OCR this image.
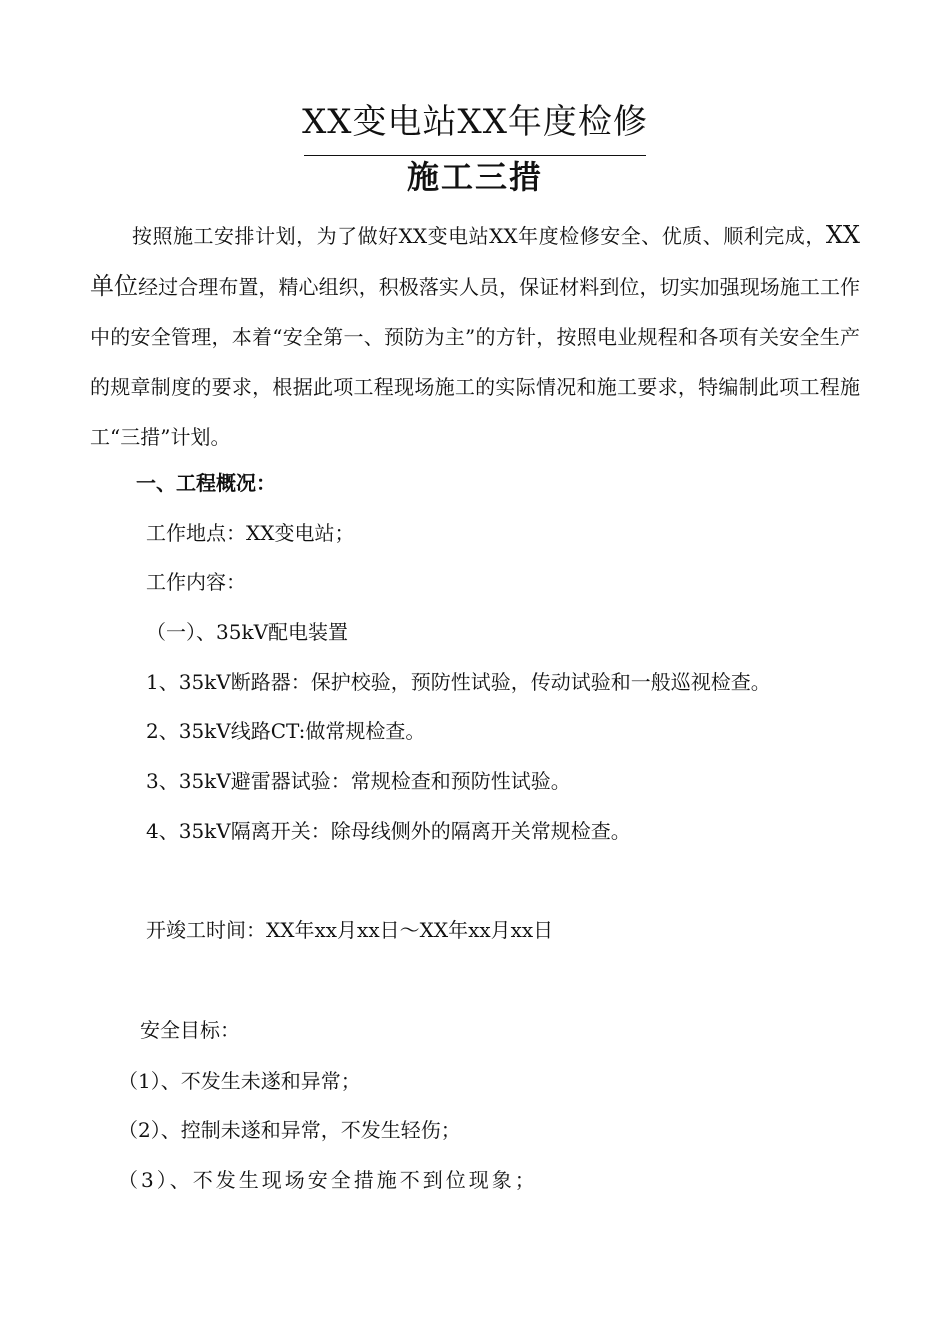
XX变电站XX年度检修
施工三措

按照施工安排计划，为了做好XX变电站XX年度检修安全、优质、顺利完成，XX单位经过合理布置，精心组织，积极落实人员，保证材料到位，切实加强现场施工工作中的安全管理，本着“安全第一、预防为主”的方针，按照电业规程和各项有关安全生产的规章制度的要求，根据此项工程现场施工的实际情况和施工要求，特编制此项工程施工“三措”计划。

一、工程概况：

工作地点：XX变电站；

工作内容：

（一）、35kV配电装置

1、35kV断路器：保护校验，预防性试验，传动试验和一般巡视检查。

2、35kV线路CT:做常规检查。

3、35kV避雷器试验：常规检查和预防性试验。

4、35kV隔离开关：除母线侧外的隔离开关常规检查。

开竣工时间：XX年xx月xx日～XX年xx月xx日

安全目标：

（1）、不发生未遂和异常；

（2）、控制未遂和异常，不发生轻伤；

（3）、不发生现场安全措施不到位现象；
